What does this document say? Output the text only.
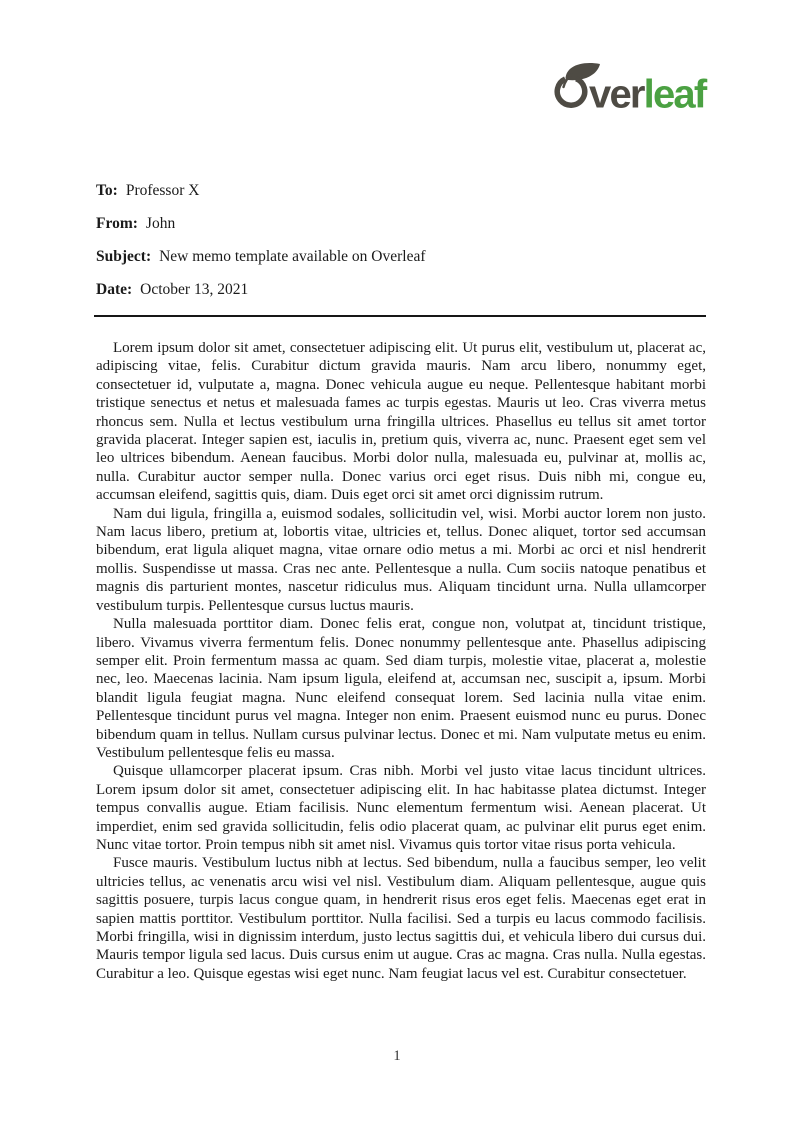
verleaf

To: Professor X

From: John

Subject: New memo template available on Overleaf

Date: October 13, 2021

Lorem ipsum dolor sit amet, consectetuer adipiscing elit. Ut purus elit, vestibulum ut, placerat ac, adipiscing vitae, felis. Curabitur dictum gravida mauris. Nam arcu libero, nonummy eget, consectetuer id, vulputate a, magna. Donec vehicula augue eu neque. Pellentesque habitant morbi tristique senectus et netus et malesuada fames ac turpis egestas. Mauris ut leo. Cras viverra metus rhoncus sem. Nulla et lectus vestibulum urna fringilla ultrices. Phasellus eu tellus sit amet tortor gravida placerat. Integer sapien est, iaculis in, pretium quis, viverra ac, nunc. Praesent eget sem vel leo ultrices bibendum. Aenean faucibus. Morbi dolor nulla, malesuada eu, pulvinar at, mollis ac, nulla. Curabitur auctor semper nulla. Donec varius orci eget risus. Duis nibh mi, congue eu, accumsan eleifend, sagittis quis, diam. Duis eget orci sit amet orci dignissim rutrum.

Nam dui ligula, fringilla a, euismod sodales, sollicitudin vel, wisi. Morbi auctor lorem non justo. Nam lacus libero, pretium at, lobortis vitae, ultricies et, tellus. Donec aliquet, tortor sed accumsan bibendum, erat ligula aliquet magna, vitae ornare odio metus a mi. Morbi ac orci et nisl hendrerit mollis. Suspendisse ut massa. Cras nec ante. Pellentesque a nulla. Cum sociis natoque penatibus et magnis dis parturient montes, nascetur ridiculus mus. Aliquam tincidunt urna. Nulla ullamcorper vestibulum turpis. Pellentesque cursus luctus mauris.

Nulla malesuada porttitor diam. Donec felis erat, congue non, volutpat at, tincidunt tristique, libero. Vivamus viverra fermentum felis. Donec nonummy pellentesque ante. Phasellus adipiscing semper elit. Proin fermentum massa ac quam. Sed diam turpis, molestie vitae, placerat a, molestie nec, leo. Maecenas lacinia. Nam ipsum ligula, eleifend at, accumsan nec, suscipit a, ipsum. Morbi blandit ligula feugiat magna. Nunc eleifend consequat lorem. Sed lacinia nulla vitae enim. Pellentesque tincidunt purus vel magna. Integer non enim. Praesent euismod nunc eu purus. Donec bibendum quam in tellus. Nullam cursus pulvinar lectus. Donec et mi. Nam vulputate metus eu enim. Vestibulum pellentesque felis eu massa.

Quisque ullamcorper placerat ipsum. Cras nibh. Morbi vel justo vitae lacus tincidunt ultrices. Lorem ipsum dolor sit amet, consectetuer adipiscing elit. In hac habitasse platea dictumst. Integer tempus convallis augue. Etiam facilisis. Nunc elementum fermentum wisi. Aenean placerat. Ut imperdiet, enim sed gravida sollicitudin, felis odio placerat quam, ac pulvinar elit purus eget enim. Nunc vitae tortor. Proin tempus nibh sit amet nisl. Vivamus quis tortor vitae risus porta vehicula.

Fusce mauris. Vestibulum luctus nibh at lectus. Sed bibendum, nulla a faucibus semper, leo velit ultricies tellus, ac venenatis arcu wisi vel nisl. Vestibulum diam. Aliquam pellentesque, augue quis sagittis posuere, turpis lacus congue quam, in hendrerit risus eros eget felis. Maecenas eget erat in sapien mattis porttitor. Vestibulum porttitor. Nulla facilisi. Sed a turpis eu lacus commodo facilisis. Morbi fringilla, wisi in dignissim interdum, justo lectus sagittis dui, et vehicula libero dui cursus dui. Mauris tempor ligula sed lacus. Duis cursus enim ut augue. Cras ac magna. Cras nulla. Nulla egestas. Curabitur a leo. Quisque egestas wisi eget nunc. Nam feugiat lacus vel est. Curabitur consectetuer.

1
